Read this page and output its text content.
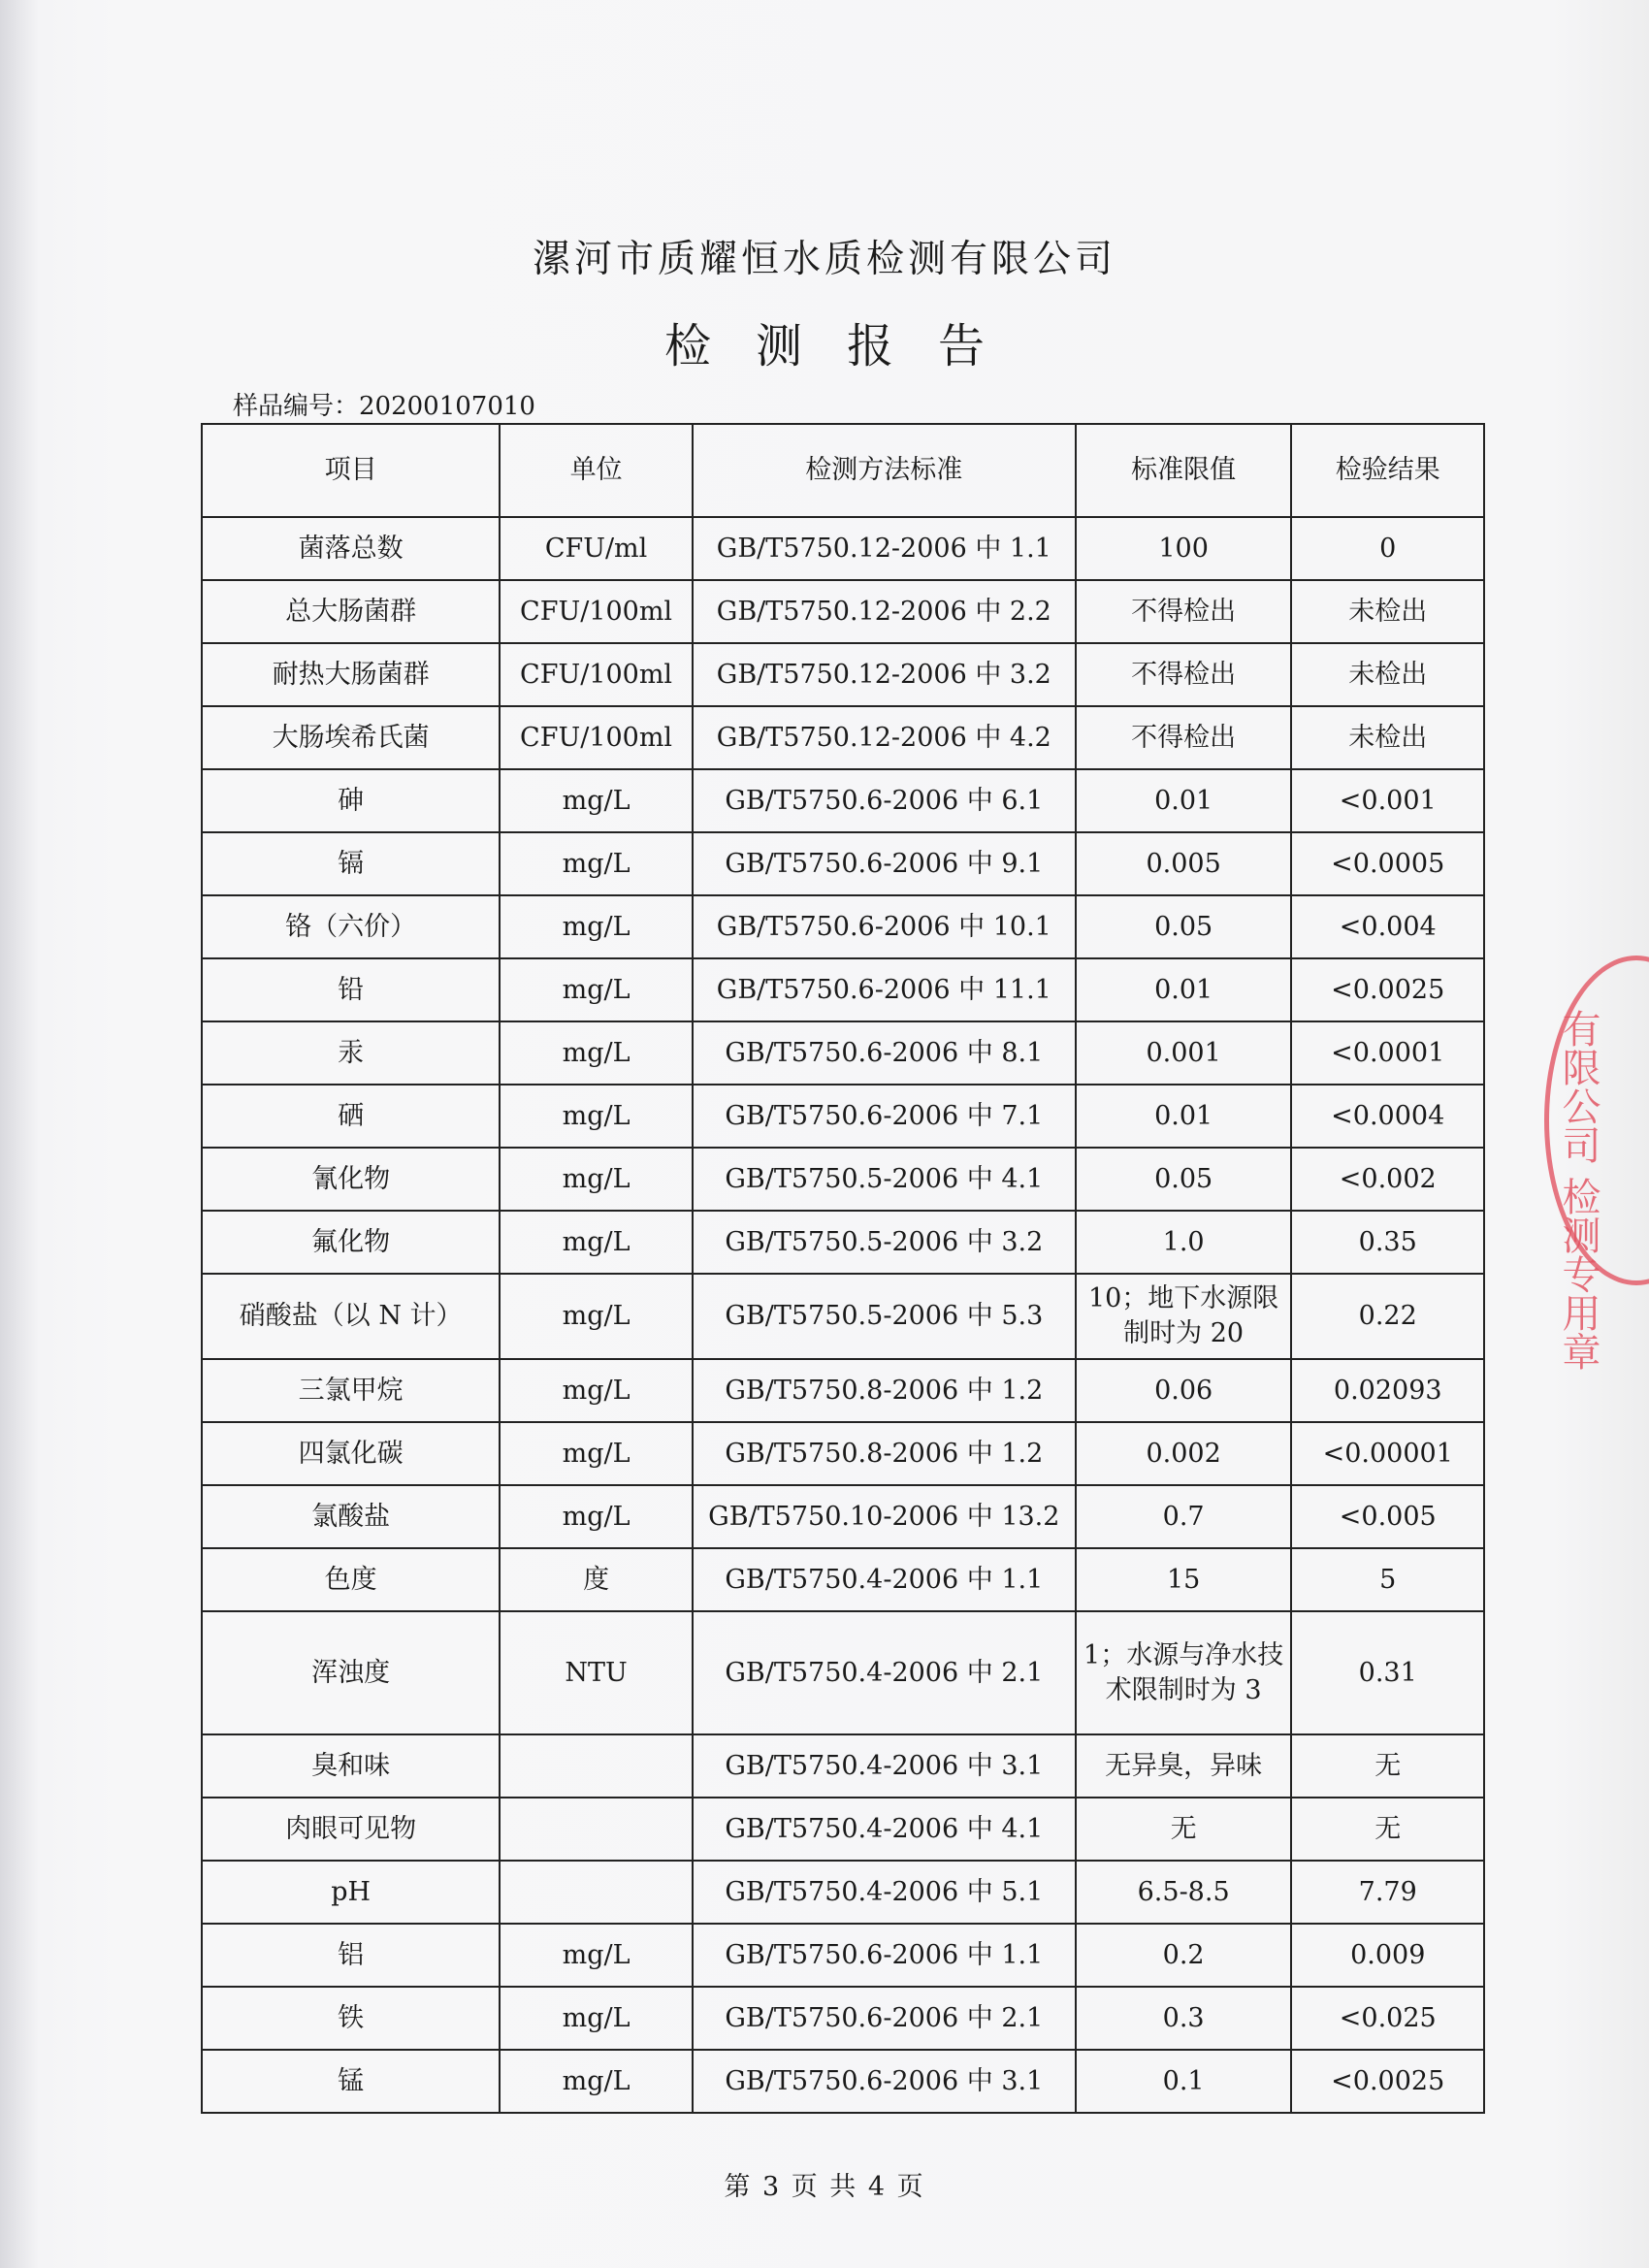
漯河市质耀恒水质检测有限公司
检测报告
样品编号：20200107010
项目	单位	检测方法标准	标准限值	检验结果
菌落总数	CFU/ml	GB/T5750.12-2006 中 1.1	100	0
总大肠菌群	CFU/100ml	GB/T5750.12-2006 中 2.2	不得检出	未检出
耐热大肠菌群	CFU/100ml	GB/T5750.12-2006 中 3.2	不得检出	未检出
大肠埃希氏菌	CFU/100ml	GB/T5750.12-2006 中 4.2	不得检出	未检出
砷	mg/L	GB/T5750.6-2006 中 6.1	0.01	<0.001
镉	mg/L	GB/T5750.6-2006 中 9.1	0.005	<0.0005
铬（六价）	mg/L	GB/T5750.6-2006 中 10.1	0.05	<0.004
铅	mg/L	GB/T5750.6-2006 中 11.1	0.01	<0.0025
汞	mg/L	GB/T5750.6-2006 中 8.1	0.001	<0.0001
硒	mg/L	GB/T5750.6-2006 中 7.1	0.01	<0.0004
氰化物	mg/L	GB/T5750.5-2006 中 4.1	0.05	<0.002
氟化物	mg/L	GB/T5750.5-2006 中 3.2	1.0	0.35
硝酸盐（以 N 计）	mg/L	GB/T5750.5-2006 中 5.3	10；地下水源限制时为 20	0.22
三氯甲烷	mg/L	GB/T5750.8-2006 中 1.2	0.06	0.02093
四氯化碳	mg/L	GB/T5750.8-2006 中 1.2	0.002	<0.00001
氯酸盐	mg/L	GB/T5750.10-2006 中 13.2	0.7	<0.005
色度	度	GB/T5750.4-2006 中 1.1	15	5
浑浊度	NTU	GB/T5750.4-2006 中 2.1	1；水源与净水技术限制时为 3	0.31
臭和味		GB/T5750.4-2006 中 3.1	无异臭，异味	无
肉眼可见物		GB/T5750.4-2006 中 4.1	无	无
pH		GB/T5750.4-2006 中 5.1	6.5-8.5	7.79
铝	mg/L	GB/T5750.6-2006 中 1.1	0.2	0.009
铁	mg/L	GB/T5750.6-2006 中 2.1	0.3	<0.025
锰	mg/L	GB/T5750.6-2006 中 3.1	0.1	<0.0025
有限公司 检测专用章
第 3 页 共 4 页
